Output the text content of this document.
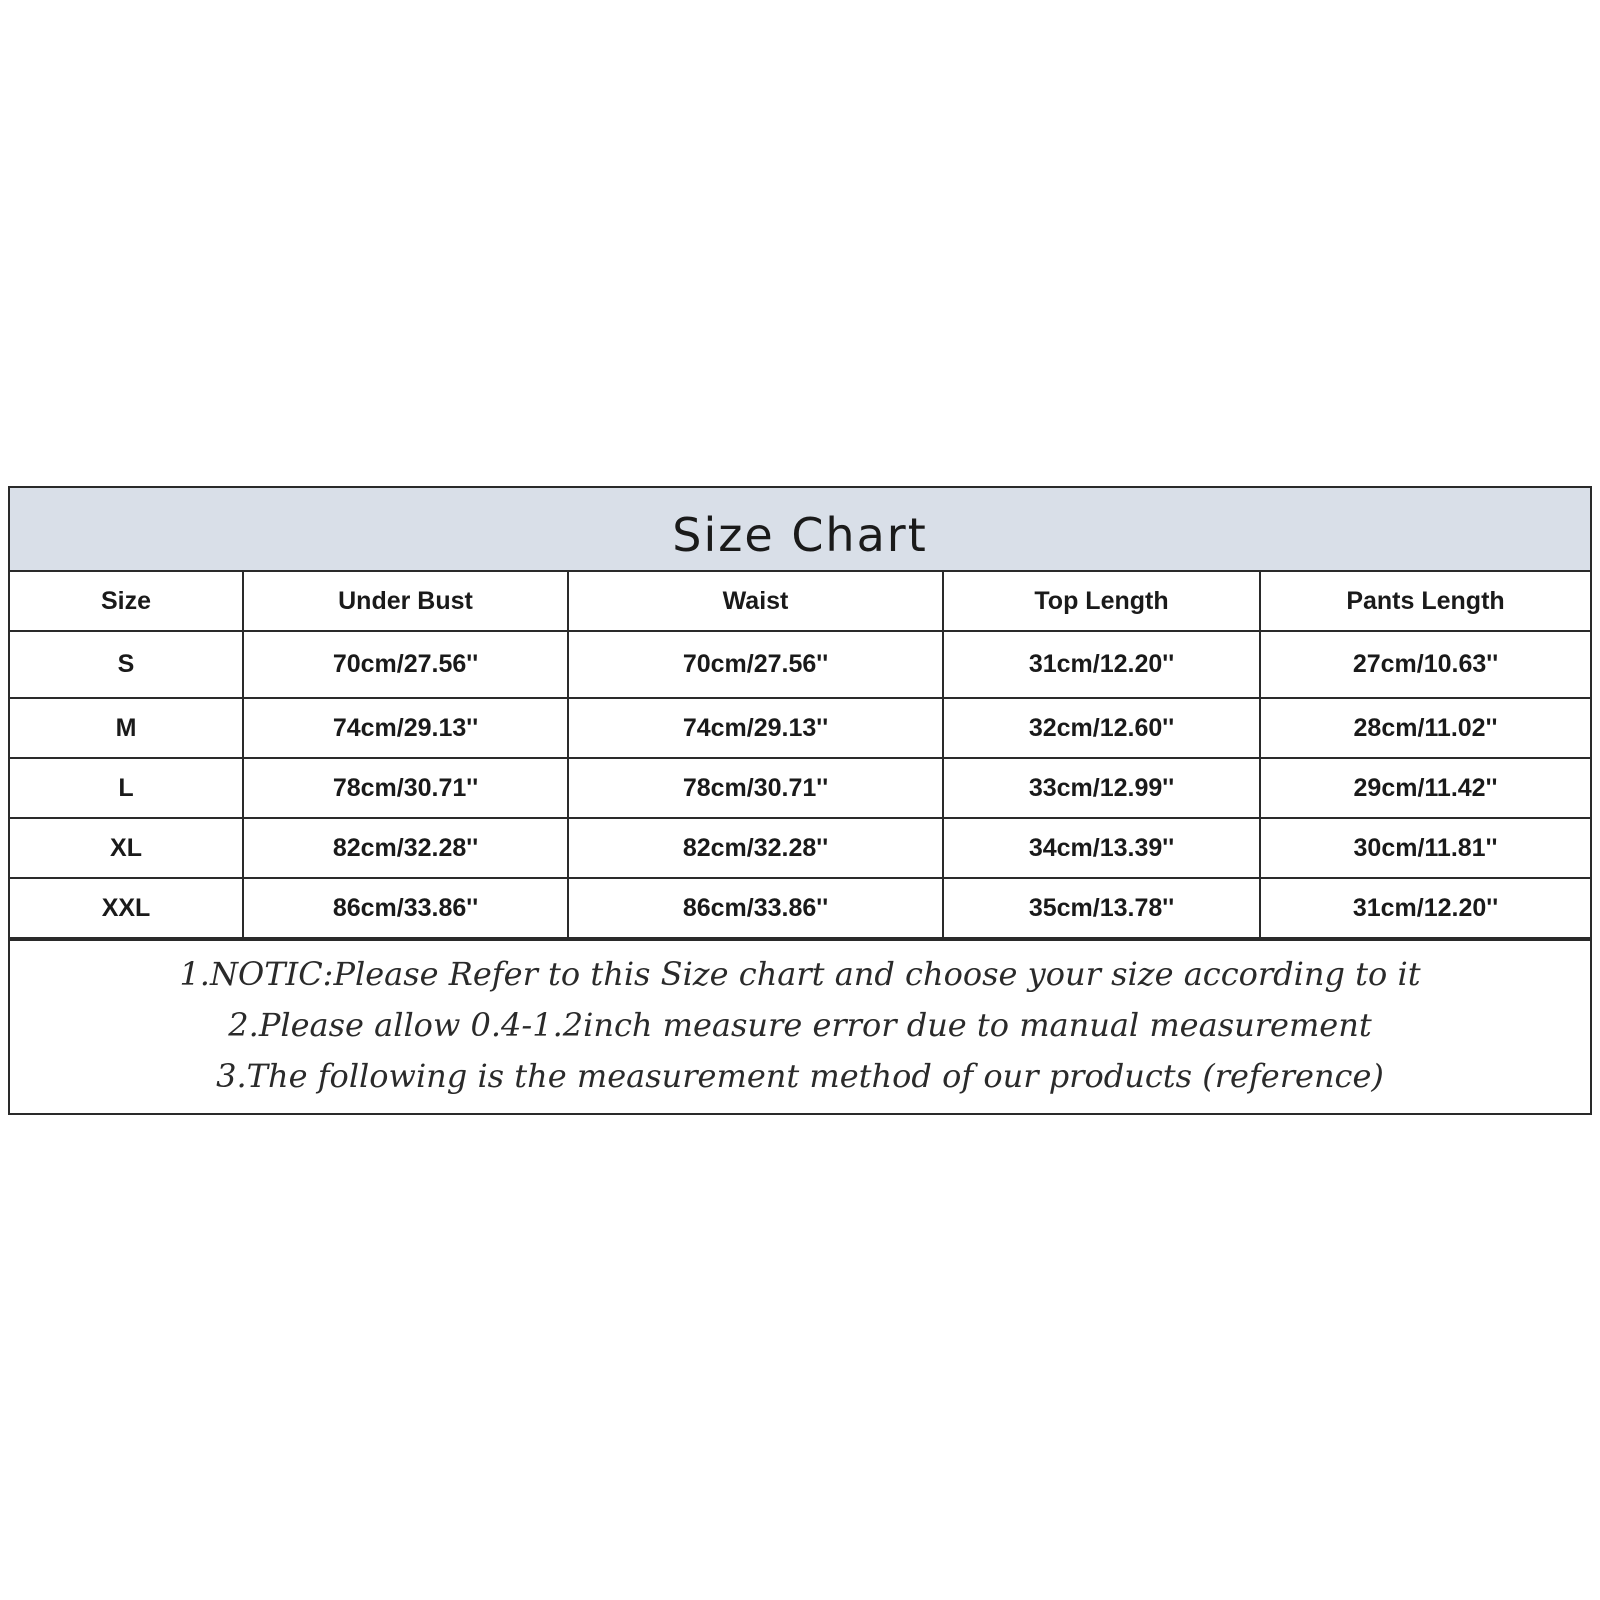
Size Chart
Size	Under Bust	Waist	Top Length	Pants Length
S	70cm/27.56''	70cm/27.56''	31cm/12.20''	27cm/10.63''
M	74cm/29.13''	74cm/29.13''	32cm/12.60''	28cm/11.02''
L	78cm/30.71''	78cm/30.71''	33cm/12.99''	29cm/11.42''
XL	82cm/32.28''	82cm/32.28''	34cm/13.39''	30cm/11.81''
XXL	86cm/33.86''	86cm/33.86''	35cm/13.78''	31cm/12.20''
1.NOTIC:Please Refer to this Size chart and choose your size according to it
2.Please allow 0.4-1.2inch measure error due to manual measurement
3.The following is the measurement method of our products (reference)
